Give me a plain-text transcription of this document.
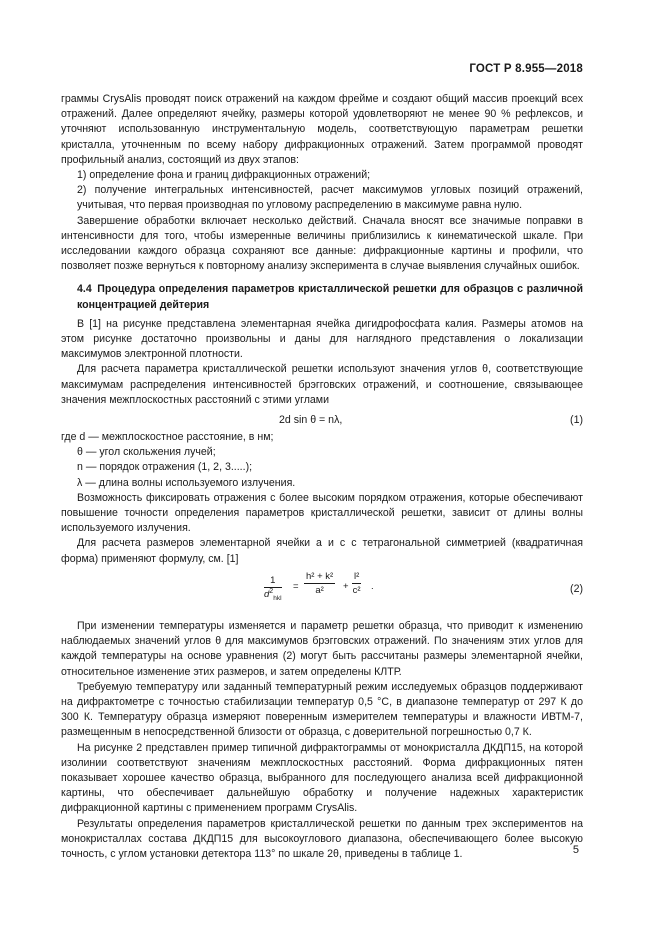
ГОСТ Р 8.955—2018

граммы CrysAlis проводят поиск отражений на каждом фрейме и создают общий массив проекций всех отражений. Далее определяют ячейку, размеры которой удовлетворяют не менее 90 % рефлексов, и уточняют использованную инструментальную модель, соответствующую параметрам решетки кристалла, уточненным по всему набору дифракционных отражений. Затем программой проводят профильный анализ, состоящий из двух этапов:

1) определение фона и границ дифракционных отражений;

2) получение интегральных интенсивностей, расчет максимумов угловых позиций отражений, учитывая, что первая производная по угловому распределению в максимуме равна нулю.

Завершение обработки включает несколько действий. Сначала вносят все значимые поправки в интенсивности для того, чтобы измеренные величины приблизились к кинематической шкале. При исследовании каждого образца сохраняют все данные: дифракционные картины и профили, что позволяет позже вернуться к повторному анализу эксперимента в случае выявления случайных ошибок.

4.4 Процедура определения параметров кристаллической решетки для образцов с различной концентрацией дейтерия

В [1] на рисунке представлена элементарная ячейка дигидрофосфата калия. Размеры атомов на этом рисунке достаточно произвольны и даны для наглядного представления о локализации максимумов электронной плотности.

Для расчета параметра кристаллической решетки используют значения углов θ, соответствующие максимумам распределения интенсивностей брэгговских отражений, и соотношение, связывающее значения межплоскостных расстояний с этими углами

2d sin θ = nλ,	(1)

где d — межплоскостное расстояние, в нм;

θ — угол скольжения лучей;

n — порядок отражения (1, 2, 3.....);

λ — длина волны используемого излучения.

Возможность фиксировать отражения с более высоким порядком отражения, которые обеспечивают повышение точности определения параметров кристаллической решетки, зависит от длины волны используемого излучения.

Для расчета размеров элементарной ячейки a и c с тетрагональной симметрией (квадратичная форма) применяют формулу, см. [1]

1
$d^2_{hkl}$
= $\frac{\text{h² + k²}}{\text{a²}} + \frac{\text{l²}}{\text{c²}}$ .	(2)

При изменении температуры изменяется и параметр решетки образца, что приводит к изменению наблюдаемых значений углов θ для максимумов брэгговских отражений. По значениям этих углов для каждой температуры на основе уравнения (2) могут быть рассчитаны размеры элементарной ячейки, относительное изменение этих размеров, и затем определены КЛТР.

Требуемую температуру или заданный температурный режим исследуемых образцов поддерживают на дифрактометре с точностью стабилизации температур 0,5 °С, в диапазоне температур от 297 К до 300 К. Температуру образца измеряют поверенным измерителем температуры и влажности ИВТМ-7, размещенным в непосредственной близости от образца, с доверительной погрешностью 0,7 К.

На рисунке 2 представлен пример типичной дифрактограммы от монокристалла ДКДП15, на которой изолинии соответствуют значениям межплоскостных расстояний. Форма дифракционных пятен показывает хорошее качество образца, выбранного для последующего анализа всей дифракционной картины, что обеспечивает дальнейшую обработку и получение надежных характеристик дифракционной картины с применением программ CrysAlis.

Результаты определения параметров кристаллической решетки по данным трех экспериментов на монокристаллах состава ДКДП15 для высокоуглового диапазона, обеспечивающего более высокую точность, с углом установки детектора 113° по шкале 2θ, приведены в таблице 1.	5
